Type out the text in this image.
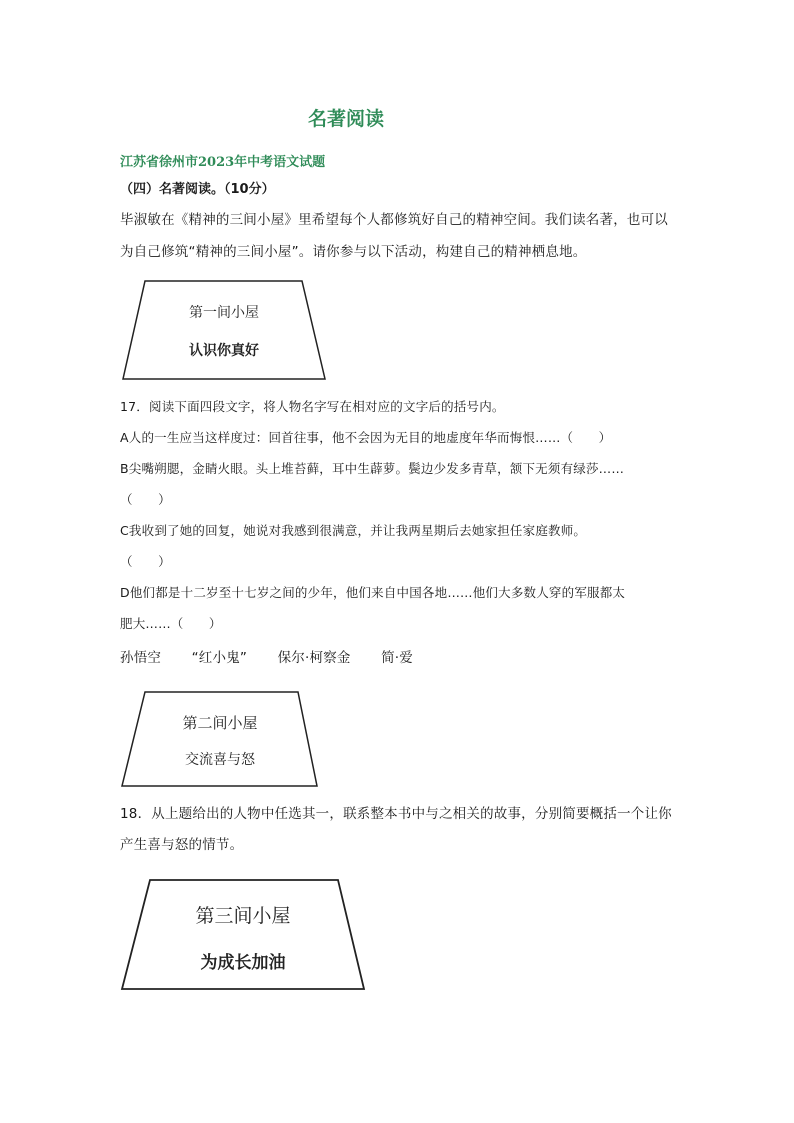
名著阅读
江苏省徐州市2023年中考语文试题
（四）名著阅读。（10分）
毕淑敏在《精神的三间小屋》里希望每个人都修筑好自己的精神空间。我们读名著，也可以
为自己修筑“精神的三间小屋”。请你参与以下活动，构建自己的精神栖息地。
第一间小屋
认识你真好
17．阅读下面四段文字，将人物名字写在相对应的文字后的括号内。
A人的一生应当这样度过：回首往事，他不会因为无目的地虚度年华而悔恨……（　　）
B尖嘴朔腮，金睛火眼。头上堆苔藓，耳中生薜萝。鬓边少发多青草，颔下无须有绿莎……
（　　）
C我收到了她的回复，她说对我感到很满意，并让我两星期后去她家担任家庭教师。
（　　）
D他们都是十二岁至十七岁之间的少年，他们来自中国各地……他们大多数人穿的军服都太
肥大……（　　）
孙悟空 “红小鬼” 保尔·柯察金 简·爱
第二间小屋
交流喜与怒
18．从上题给出的人物中任选其一，联系整本书中与之相关的故事，分别简要概括一个让你
产生喜与怒的情节。
第三间小屋
为成长加油
